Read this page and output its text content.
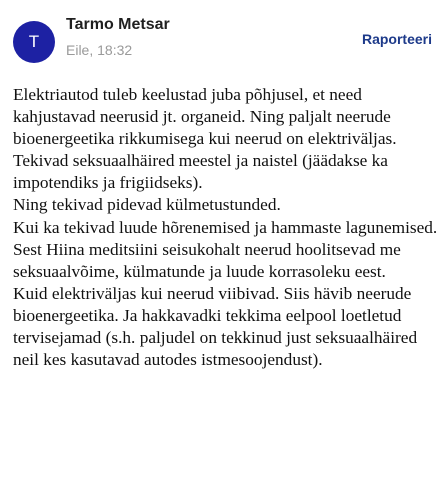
T
Tarmo Metsar
Eile, 18:32
Raporteeri

Elektriautod tuleb keelustad juba põhjusel, et need kahjustavad neerusid jt. organeid. Ning paljalt neerude bioenergeetika rikkumisega kui neerud on elektriväljas.

Tekivad seksuaalhäired meestel ja naistel (jäädakse ka impotendiks ja frigiidseks).

Ning tekivad pidevad külmetustunded.

Kui ka tekivad luude hõrenemised ja hammaste lagunemised.

Sest Hiina meditsiini seisukohalt neerud hoolitsevad me seksuaalvõime, külmatunde ja luude korrasoleku eest.

Kuid elektriväljas kui neerud viibivad. Siis hävib neerude bioenergeetika. Ja hakkavadki tekkima eelpool loetletud tervisejamad (s.h. paljudel on tekkinud just seksuaalhäired neil kes kasutavad autodes istmesoojendust).
